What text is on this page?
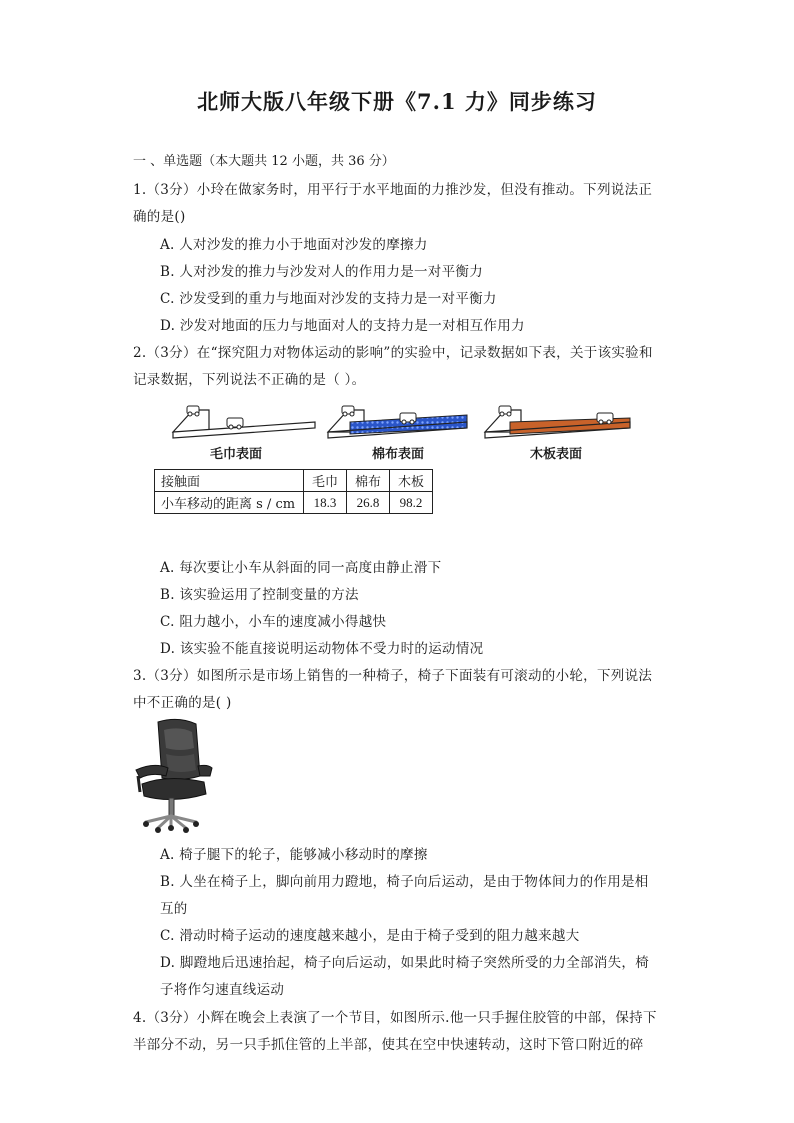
北师大版八年级下册《7.1 力》同步练习
一 、单选题（本大题共 12 小题，共 36 分）
1.（3分）小玲在做家务时，用平行于水平地面的力推沙发，但没有推动。下列说法正
确的是()
A. 人对沙发的推力小于地面对沙发的摩擦力
B. 人对沙发的推力与沙发对人的作用力是一对平衡力
C. 沙发受到的重力与地面对沙发的支持力是一对平衡力
D. 沙发对地面的压力与地面对人的支持力是一对相互作用力
2.（3分）在“探究阻力对物体运动的影响”的实验中，记录数据如下表，关于该实验和
记录数据，下列说法不正确的是（ ）。
毛巾表面	棉布表面	木板表面
接触面	毛巾	棉布	木板
小车移动的距离 s / cm	18.3	26.8	98.2
A. 每次要让小车从斜面的同一高度由静止滑下
B. 该实验运用了控制变量的方法
C. 阻力越小，小车的速度减小得越快
D. 该实验不能直接说明运动物体不受力时的运动情况
3.（3分）如图所示是市场上销售的一种椅子，椅子下面装有可滚动的小轮，下列说法
中不正确的是( )
A. 椅子腿下的轮子，能够减小移动时的摩擦
B. 人坐在椅子上，脚向前用力蹬地，椅子向后运动，是由于物体间力的作用是相
互的
C. 滑动时椅子运动的速度越来越小，是由于椅子受到的阻力越来越大
D. 脚蹬地后迅速抬起，椅子向后运动，如果此时椅子突然所受的力全部消失，椅
子将作匀速直线运动
4.（3分）小辉在晚会上表演了一个节目，如图所示.他一只手握住胶管的中部，保持下
半部分不动，另一只手抓住管的上半部，使其在空中快速转动，这时下管口附近的碎
